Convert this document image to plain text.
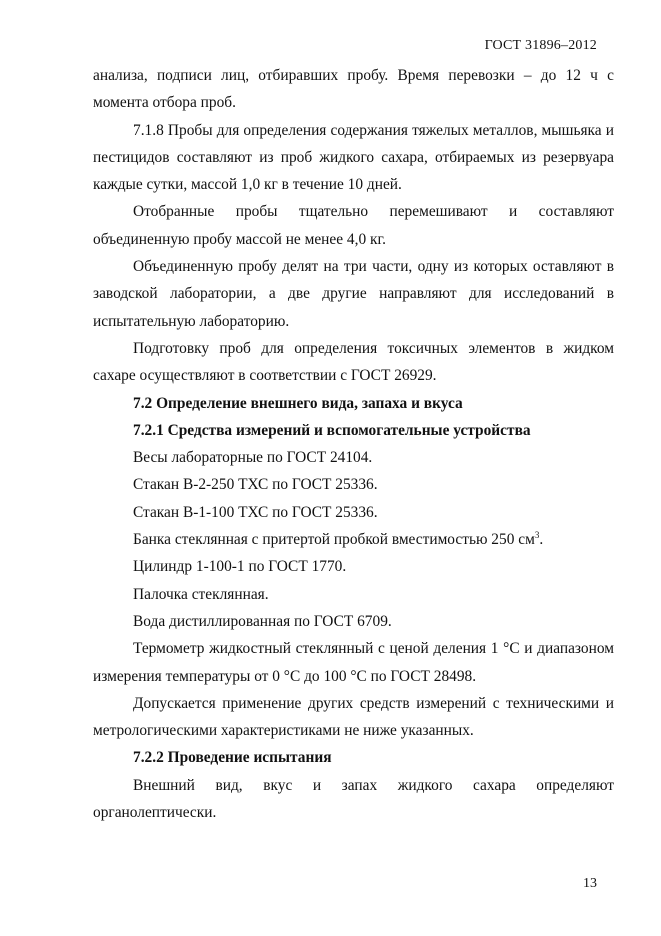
ГОСТ 31896–2012

анализа, подписи лиц, отбиравших пробу. Время перевозки – до 12 ч с момента отбора проб.

7.1.8 Пробы для определения содержания тяжелых металлов, мышьяка и пестицидов составляют из проб жидкого сахара, отбираемых из резервуара каждые сутки, массой 1,0 кг в течение 10 дней.

Отобранные пробы тщательно перемешивают и составляют объединенную пробу массой не менее 4,0 кг.

Объединенную пробу делят на три части, одну из которых оставляют в заводской лаборатории, а две другие направляют для исследований в испытательную лабораторию.

Подготовку проб для определения токсичных элементов в жидком сахаре осуществляют в соответствии с ГОСТ 26929.

7.2 Определение внешнего вида, запаха и вкуса

7.2.1 Средства измерений и вспомогательные устройства

Весы лабораторные по ГОСТ 24104.

Стакан В-2-250 ТХС по ГОСТ 25336.

Стакан В-1-100 ТХС по ГОСТ 25336.

Банка стеклянная с притертой пробкой вместимостью 250 $см^3$.

Цилиндр 1-100-1 по ГОСТ 1770.

Палочка стеклянная.

Вода дистиллированная по ГОСТ 6709.

Термометр жидкостный стеклянный с ценой деления 1 °С и диапазоном измерения температуры от 0 °С до 100 °С по ГОСТ 28498.

Допускается применение других средств измерений с техническими и метрологическими характеристиками не ниже указанных.

7.2.2 Проведение испытания

Внешний вид, вкус и запах жидкого сахара определяют органолептически.

13
